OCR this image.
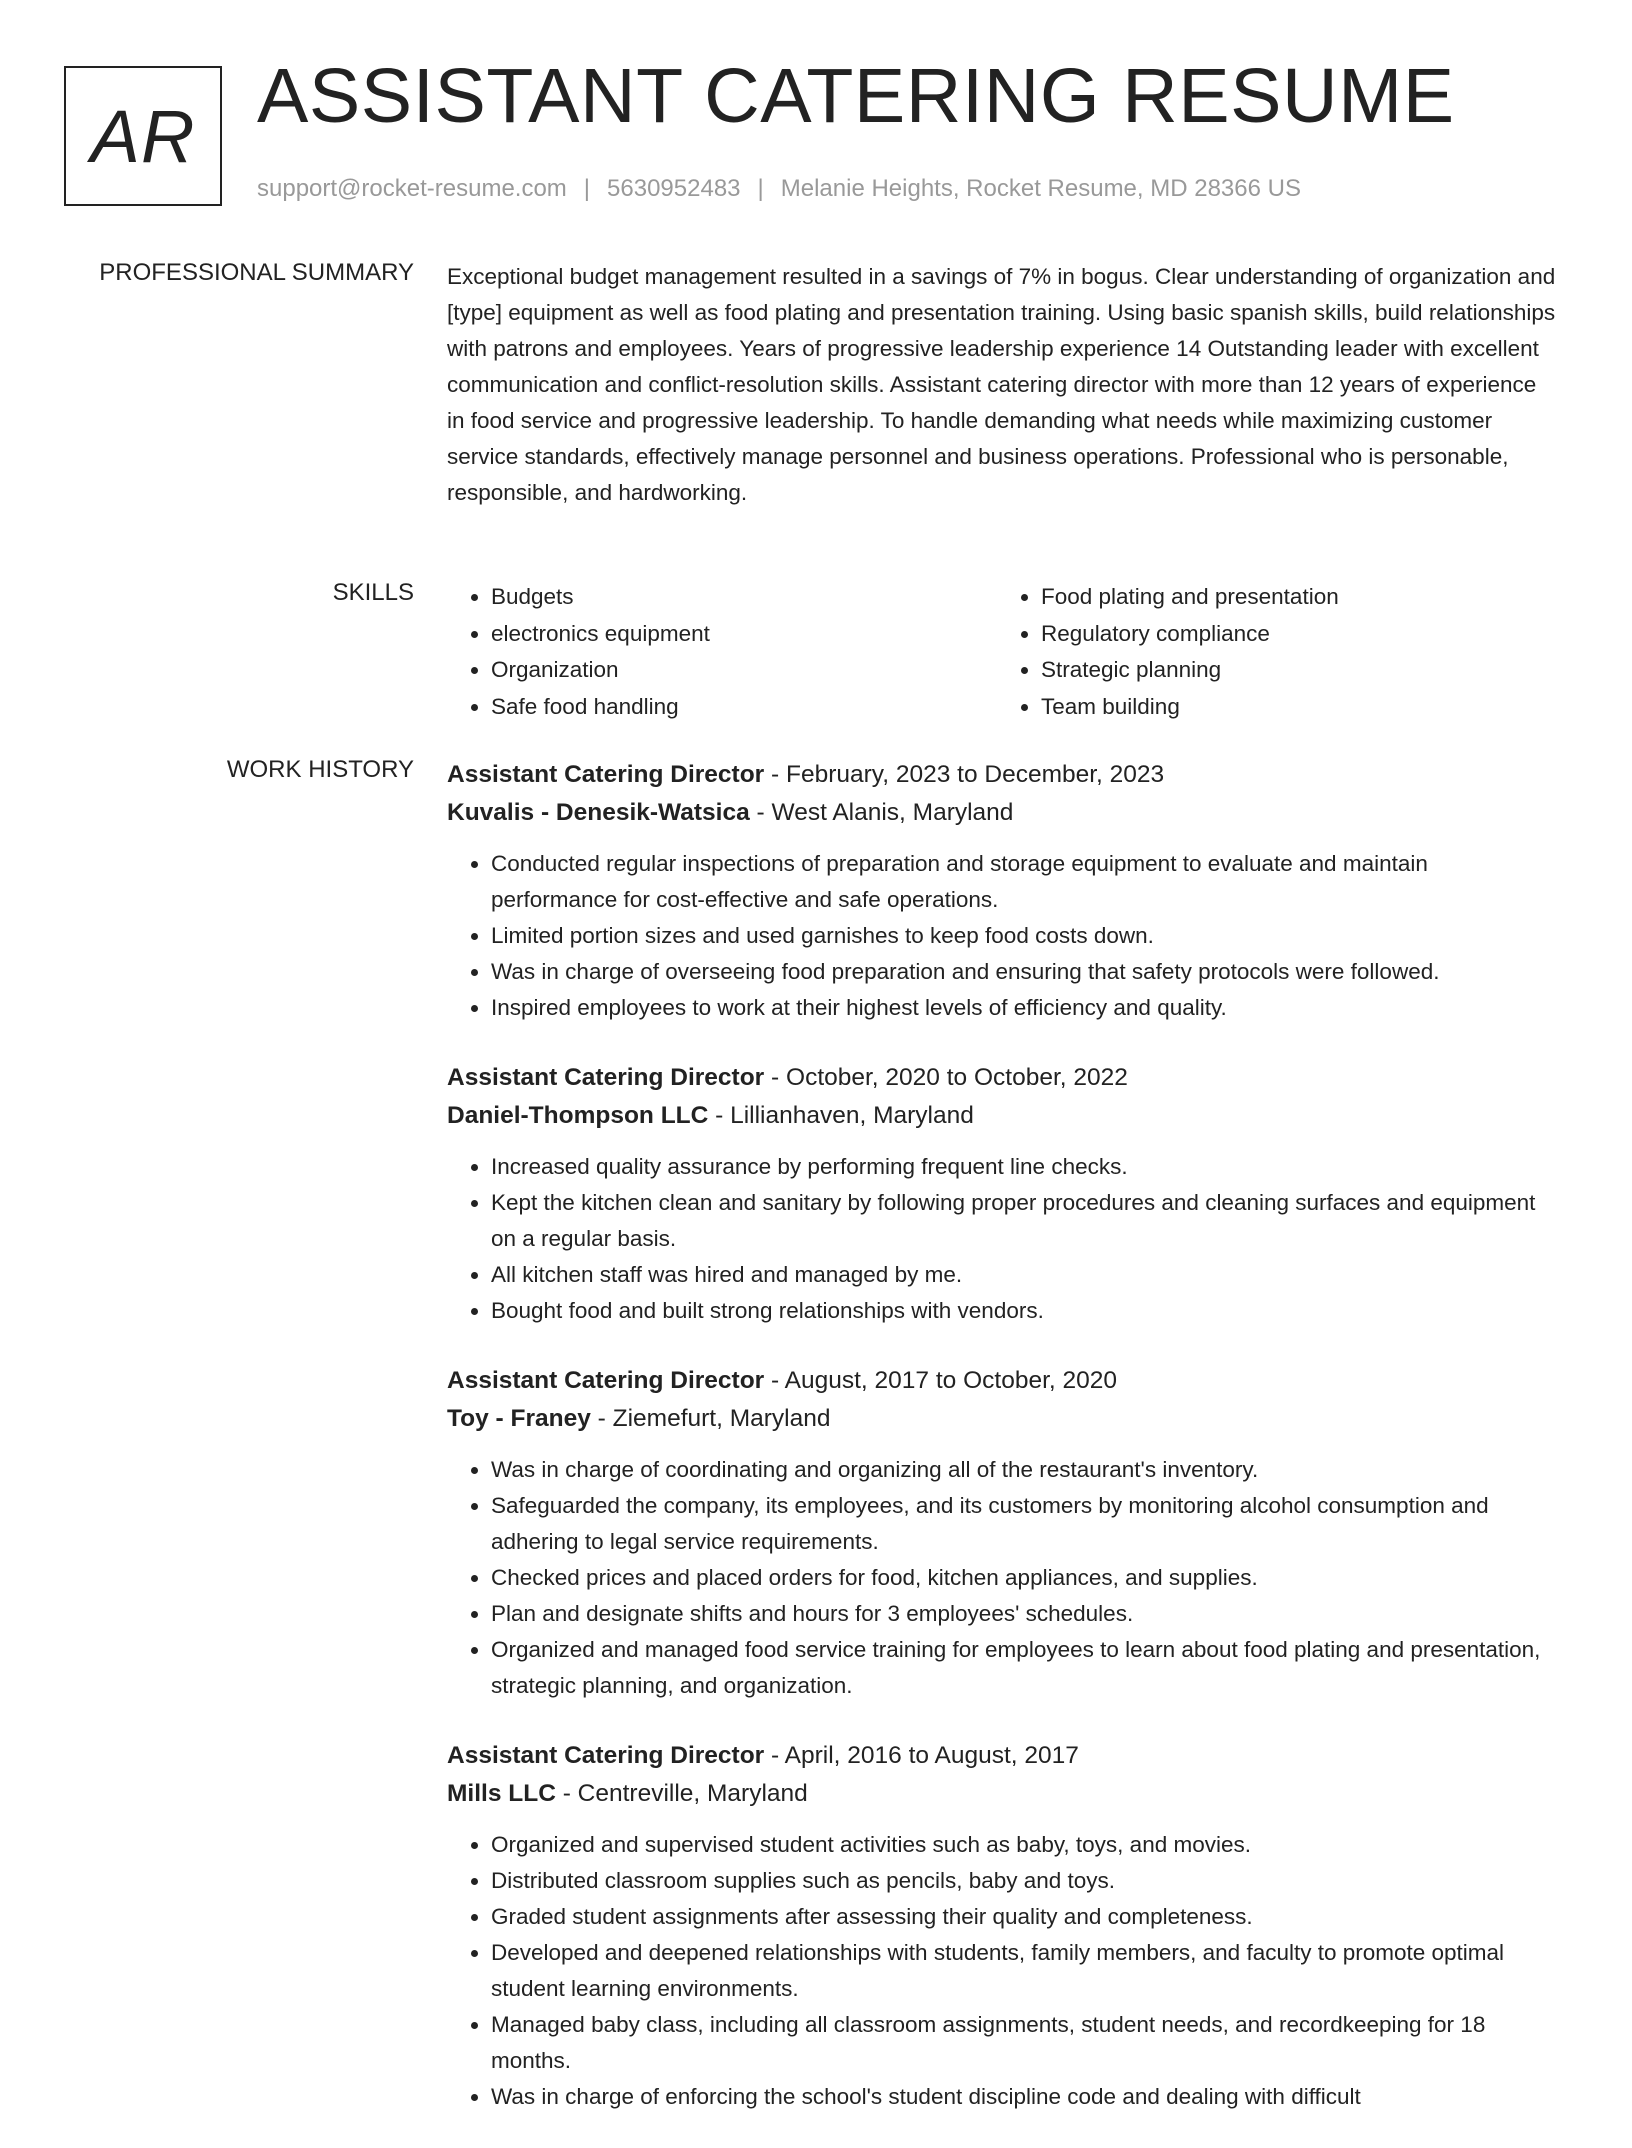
AR ASSISTANT CATERING RESUME
support@rocket-resume.com | 5630952483 | Melanie Heights, Rocket Resume, MD 28366 US
PROFESSIONAL SUMMARY Exceptional budget management resulted in a savings of 7% in bogus. Clear understanding of organization and [type] equipment as well as food plating and presentation training. Using basic spanish skills, build relationships with patrons and employees. Years of progressive leadership experience 14 Outstanding leader with excellent communication and conflict-resolution skills. Assistant catering director with more than 12 years of experience in food service and progressive leadership. To handle demanding what needs while maximizing customer service standards, effectively manage personnel and business operations. Professional who is personable, responsible, and hardworking.

SKILLS
•	Budgets
• electronics equipment
• Organization
• Safe food handling
• Food plating and presentation
• Regulatory compliance
• Strategic planning
• Team building
WORK HISTORY Assistant Catering Director - February, 2023 to December, 2023
Kuvalis - Denesik-Watsica - West Alanis, Maryland
• Conducted regular inspections of preparation and storage equipment to evaluate and maintain performance for cost-effective and safe operations.
• Limited portion sizes and used garnishes to keep food costs down.
• Was in charge of overseeing food preparation and ensuring that safety protocols were followed.
• Inspired employees to work at their highest levels of efficiency and quality.
Assistant Catering Director - October, 2020 to October, 2022
Daniel-Thompson LLC - Lillianhaven, Maryland
• Increased quality assurance by performing frequent line checks.
• Kept the kitchen clean and sanitary by following proper procedures and cleaning surfaces and equipment on a regular basis.
• All kitchen staff was hired and managed by me.
• Bought food and built strong relationships with vendors.
Assistant Catering Director - August, 2017 to October, 2020
Toy - Franey - Ziemefurt, Maryland
• Was in charge of coordinating and organizing all of the restaurant's inventory.
• Safeguarded the company, its employees, and its customers by monitoring alcohol consumption and adhering to legal service requirements.
• Checked prices and placed orders for food, kitchen appliances, and supplies.
• Plan and designate shifts and hours for 3 employees' schedules.
• Organized and managed food service training for employees to learn about food plating and presentation, strategic planning, and organization.
Assistant Catering Director - April, 2016 to August, 2017
Mills LLC - Centreville, Maryland
• Organized and supervised student activities such as baby, toys, and movies.
• Distributed classroom supplies such as pencils, baby and toys.
• Graded student assignments after assessing their quality and completeness.
• Developed and deepened relationships with students, family members, and faculty to promote optimal student learning environments.
• Managed baby class, including all classroom assignments, student needs, and recordkeeping for 18 months.
• Was in charge of enforcing the school's student discipline code and dealing with difficult
